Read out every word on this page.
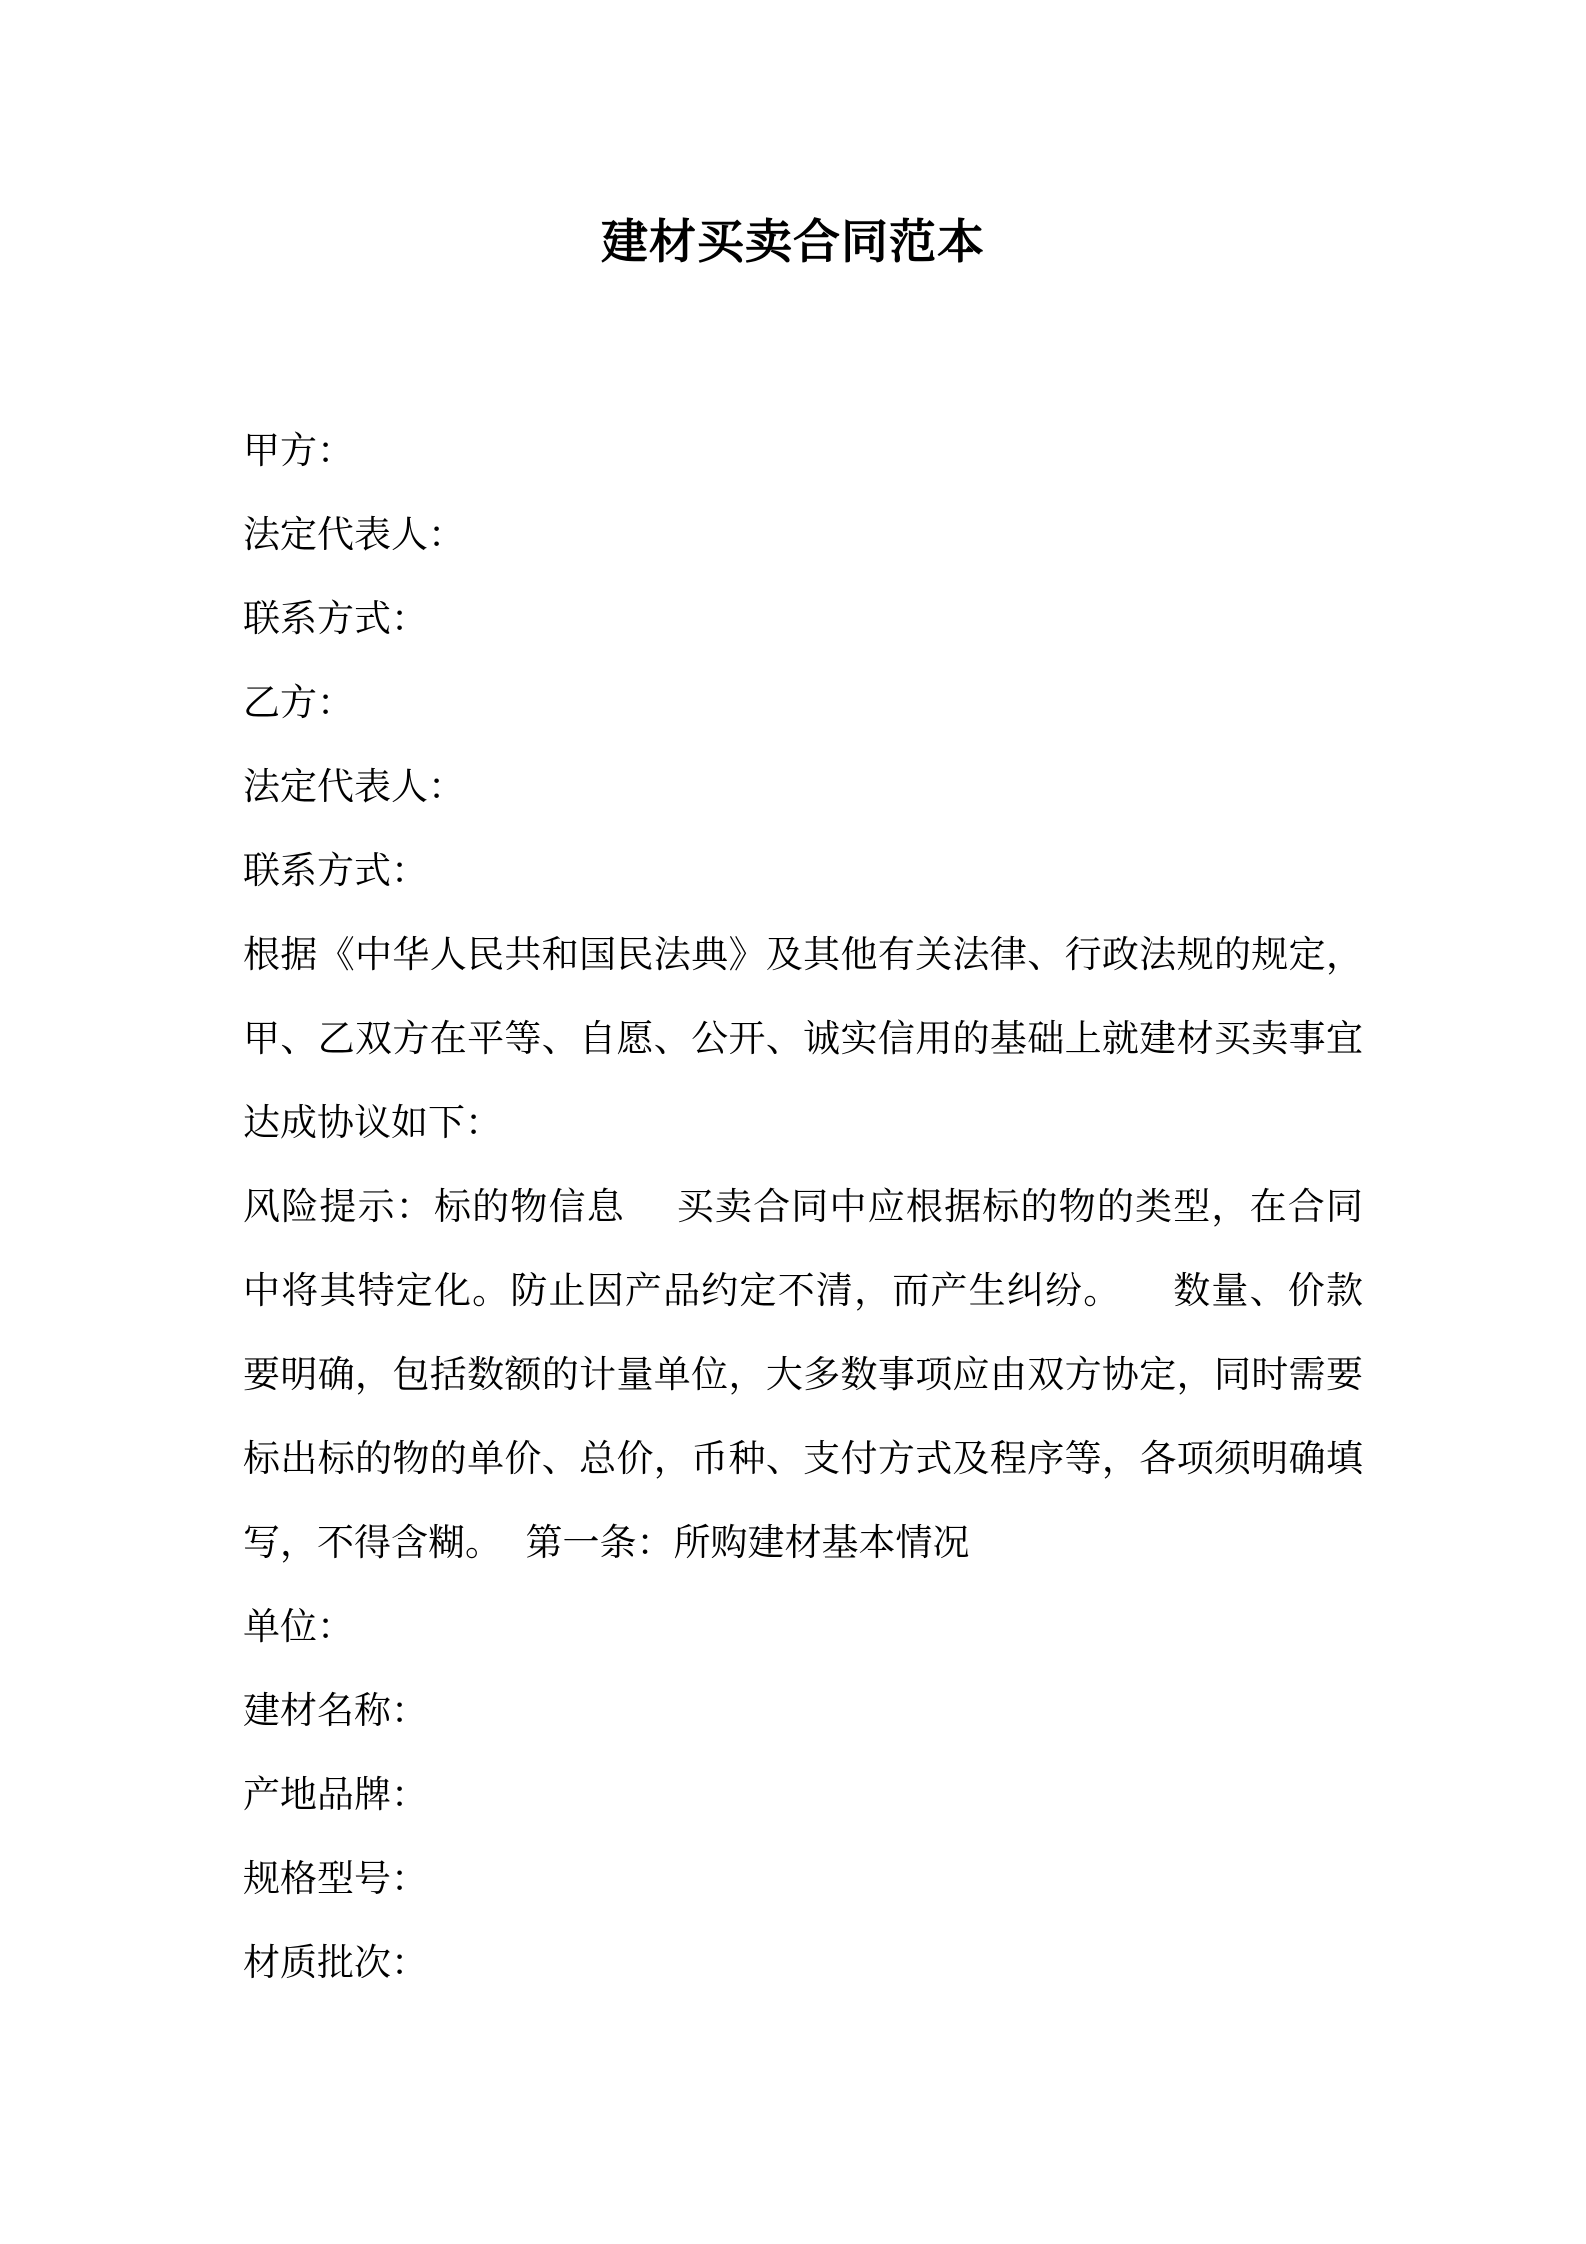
建材买卖合同范本
甲方：
法定代表人：
联系方式：
乙方：
法定代表人：
联系方式：
根据《中华人民共和国民法典》及其他有关法律、行政法规的规定，甲、乙双方在平等、自愿、公开、诚实信用的基础上就建材买卖事宜达成协议如下：
风险提示：标的物信息    买卖合同中应根据标的物的类型，在合同中将其特定化。防止因产品约定不清，而产生纠纷。    数量、价款要明确，包括数额的计量单位，大多数事项应由双方协定，同时需要标出标的物的单价、总价，币种、支付方式及程序等，各项须明确填写，不得含糊。  第一条：所购建材基本情况
单位：
建材名称：
产地品牌：
规格型号：
材质批次：
